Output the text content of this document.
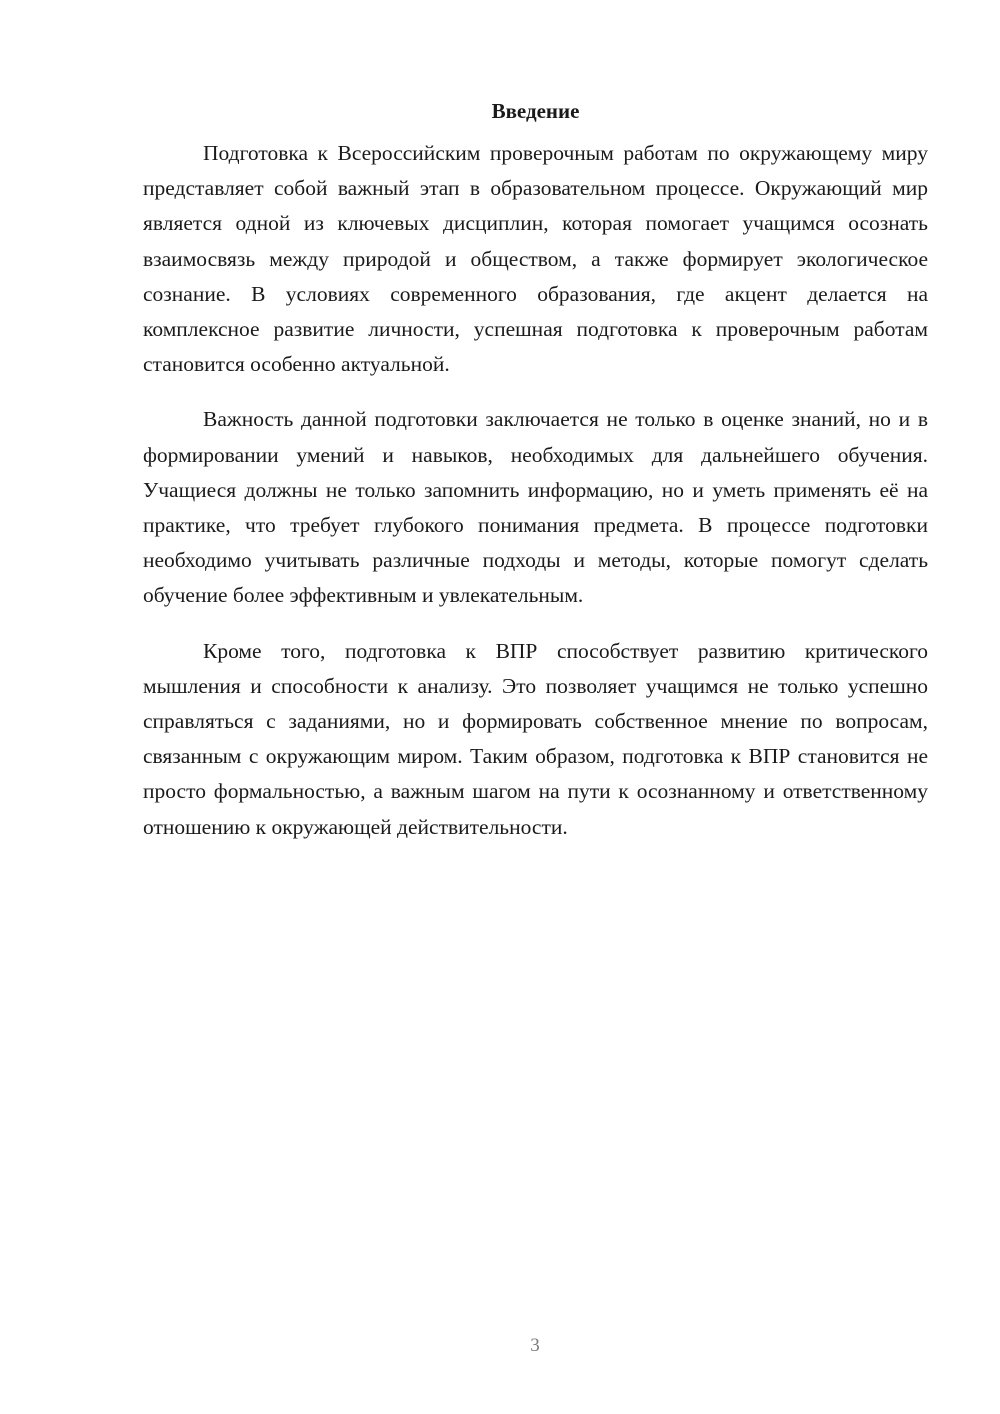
Введение

Подготовка к Всероссийским проверочным работам по окружающему миру представляет собой важный этап в образовательном процессе. Окружающий мир является одной из ключевых дисциплин, которая помогает учащимся осознать взаимосвязь между природой и обществом, а также формирует экологическое сознание. В условиях современного образования, где акцент делается на комплексное развитие личности, успешная подготовка к проверочным работам становится особенно актуальной.

Важность данной подготовки заключается не только в оценке знаний, но и в формировании умений и навыков, необходимых для дальнейшего обучения. Учащиеся должны не только запомнить информацию, но и уметь применять её на практике, что требует глубокого понимания предмета. В процессе подготовки необходимо учитывать различные подходы и методы, которые помогут сделать обучение более эффективным и увлекательным.

Кроме того, подготовка к ВПР способствует развитию критического мышления и способности к анализу. Это позволяет учащимся не только успешно справляться с заданиями, но и формировать собственное мнение по вопросам, связанным с окружающим миром. Таким образом, подготовка к ВПР становится не просто формальностью, а важным шагом на пути к осознанному и ответственному отношению к окружающей действительности.

3
